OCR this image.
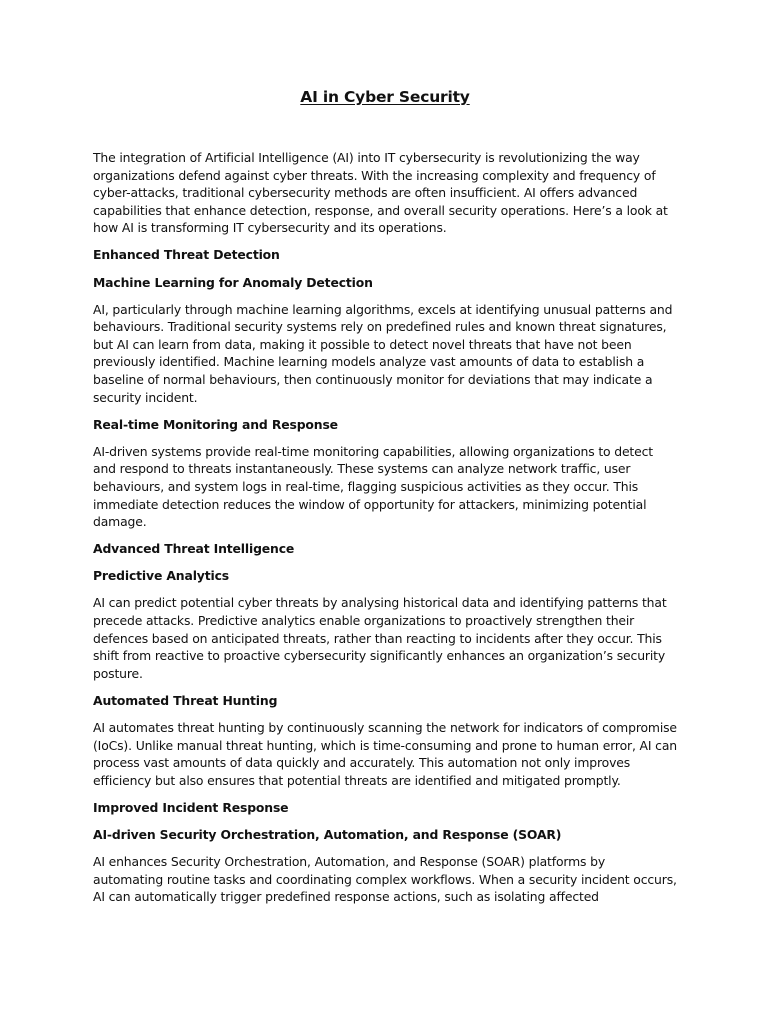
AI in Cyber Security

The integration of Artificial Intelligence (AI) into IT cybersecurity is revolutionizing the way organizations defend against cyber threats. With the increasing complexity and frequency of cyber-attacks, traditional cybersecurity methods are often insufficient. AI offers advanced capabilities that enhance detection, response, and overall security operations. Here’s a look at how AI is transforming IT cybersecurity and its operations.

Enhanced Threat Detection

Machine Learning for Anomaly Detection

AI, particularly through machine learning algorithms, excels at identifying unusual patterns and behaviours. Traditional security systems rely on predefined rules and known threat signatures, but AI can learn from data, making it possible to detect novel threats that have not been previously identified. Machine learning models analyze vast amounts of data to establish a baseline of normal behaviours, then continuously monitor for deviations that may indicate a security incident.

Real-time Monitoring and Response

AI-driven systems provide real-time monitoring capabilities, allowing organizations to detect and respond to threats instantaneously. These systems can analyze network traffic, user behaviours, and system logs in real-time, flagging suspicious activities as they occur. This immediate detection reduces the window of opportunity for attackers, minimizing potential damage.

Advanced Threat Intelligence

Predictive Analytics

AI can predict potential cyber threats by analysing historical data and identifying patterns that precede attacks. Predictive analytics enable organizations to proactively strengthen their defences based on anticipated threats, rather than reacting to incidents after they occur. This shift from reactive to proactive cybersecurity significantly enhances an organization’s security posture.

Automated Threat Hunting

AI automates threat hunting by continuously scanning the network for indicators of compromise (IoCs). Unlike manual threat hunting, which is time-consuming and prone to human error, AI can process vast amounts of data quickly and accurately. This automation not only improves efficiency but also ensures that potential threats are identified and mitigated promptly.

Improved Incident Response

AI-driven Security Orchestration, Automation, and Response (SOAR)

AI enhances Security Orchestration, Automation, and Response (SOAR) platforms by automating routine tasks and coordinating complex workflows. When a security incident occurs, AI can automatically trigger predefined response actions, such as isolating affected
